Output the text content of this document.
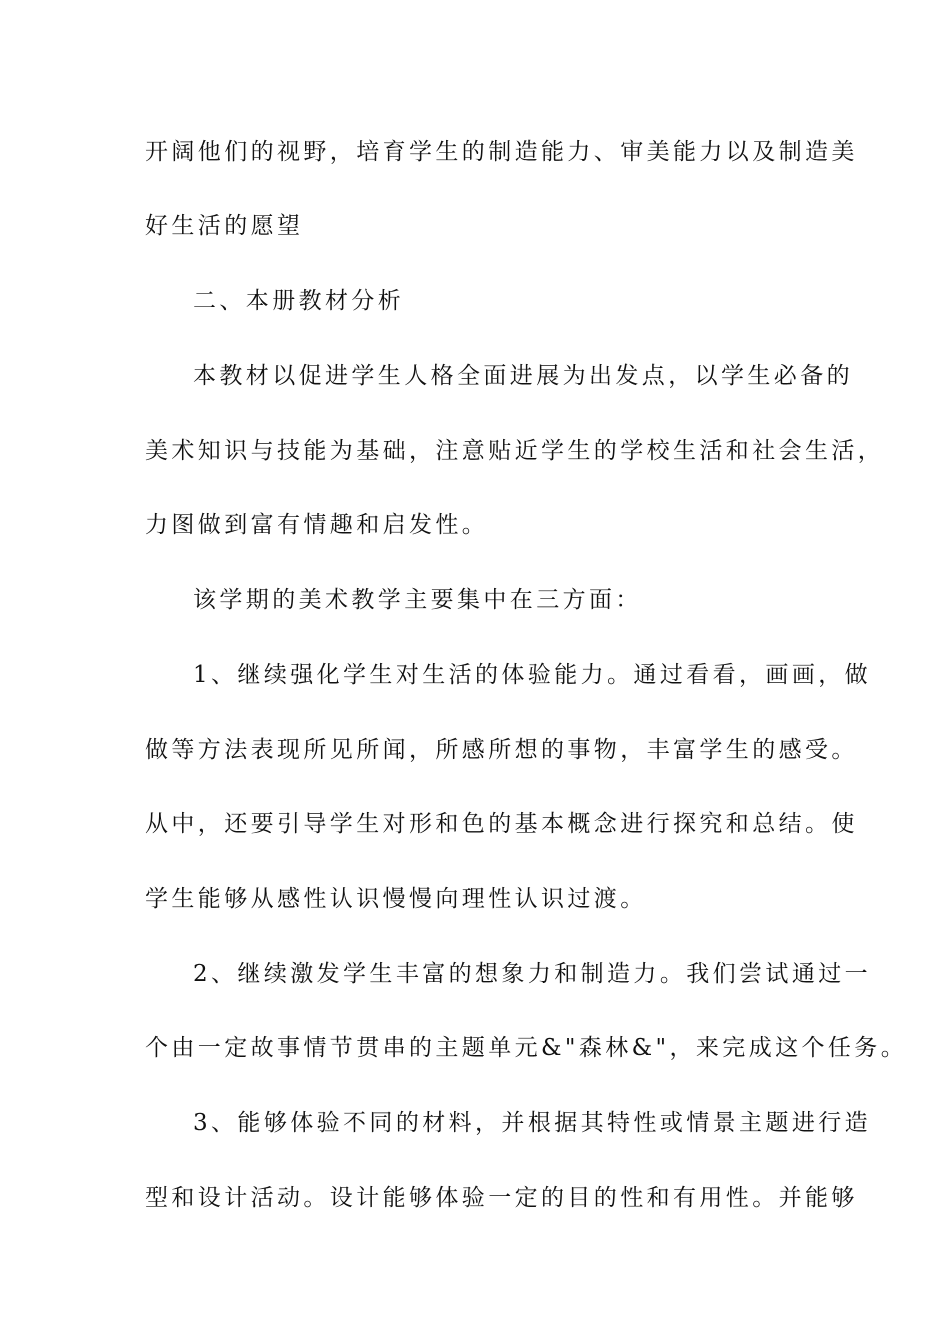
开阔他们的视野，培育学生的制造能力、审美能力以及制造美
好生活的愿望
二、本册教材分析
本教材以促进学生人格全面进展为出发点，以学生必备的
美术知识与技能为基础，注意贴近学生的学校生活和社会生活，
力图做到富有情趣和启发性。
该学期的美术教学主要集中在三方面：
1、继续强化学生对生活的体验能力。通过看看，画画，做
做等方法表现所见所闻，所感所想的事物，丰富学生的感受。
从中，还要引导学生对形和色的基本概念进行探究和总结。使
学生能够从感性认识慢慢向理性认识过渡。
2、继续激发学生丰富的想象力和制造力。我们尝试通过一
个由一定故事情节贯串的主题单元&"森林&"，来完成这个任务。
3、能够体验不同的材料，并根据其特性或情景主题进行造
型和设计活动。设计能够体验一定的目的性和有用性。并能够
